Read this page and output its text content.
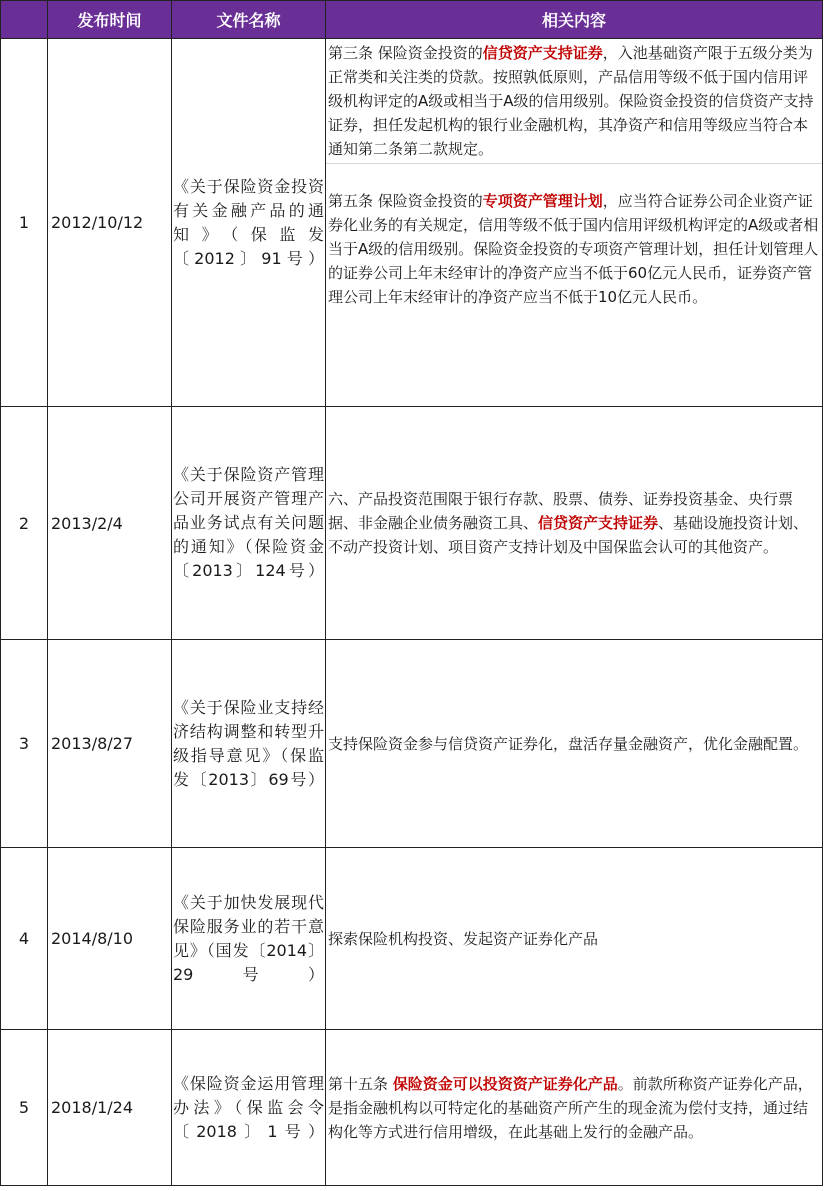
	发布时间	文件名称	相关内容
1	2012/10/12	《关于保险资金投资有关金融产品的通知》（保监发〔2012〕91号）	第三条 保险资金投资的信贷资产支持证券，入池基础资产限于五级分类为正常类和关注类的贷款。按照孰低原则，产品信用等级不低于国内信用评级机构评定的A级或相当于A级的信用级别。保险资金投资的信贷资产支持证券，担任发起机构的银行业金融机构，其净资产和信用等级应当符合本通知第二条第二款规定。
第五条 保险资金投资的专项资产管理计划，应当符合证券公司企业资产证券化业务的有关规定，信用等级不低于国内信用评级机构评定的A级或者相当于A级的信用级别。保险资金投资的专项资产管理计划，担任计划管理人的证券公司上年末经审计的净资产应当不低于60亿元人民币，证券资产管理公司上年末经审计的净资产应当不低于10亿元人民币。

2	2013/2/4	《关于保险资产管理公司开展资产管理产品业务试点有关问题的通知》（保险资金〔2013〕124号）	六、产品投资范围限于银行存款、股票、债券、证券投资基金、央行票据、非金融企业债务融资工具、信贷资产支持证券、基础设施投资计划、不动产投资计划、项目资产支持计划及中国保监会认可的其他资产。
3	2013/8/27	《关于保险业支持经济结构调整和转型升级指导意见》（保监发〔2013〕69号）	支持保险资金参与信贷资产证券化，盘活存量金融资产，优化金融配置。
4	2014/8/10	《关于加快发展现代保险服务业的若干意见》（国发〔2014〕29号）	探索保险机构投资、发起资产证券化产品
5	2018/1/24	《保险资金运用管理办法》（保监会令〔2018〕1号）	第十五条 保险资金可以投资资产证券化产品。前款所称资产证券化产品，是指金融机构以可特定化的基础资产所产生的现金流为偿付支持，通过结构化等方式进行信用增级，在此基础上发行的金融产品。
